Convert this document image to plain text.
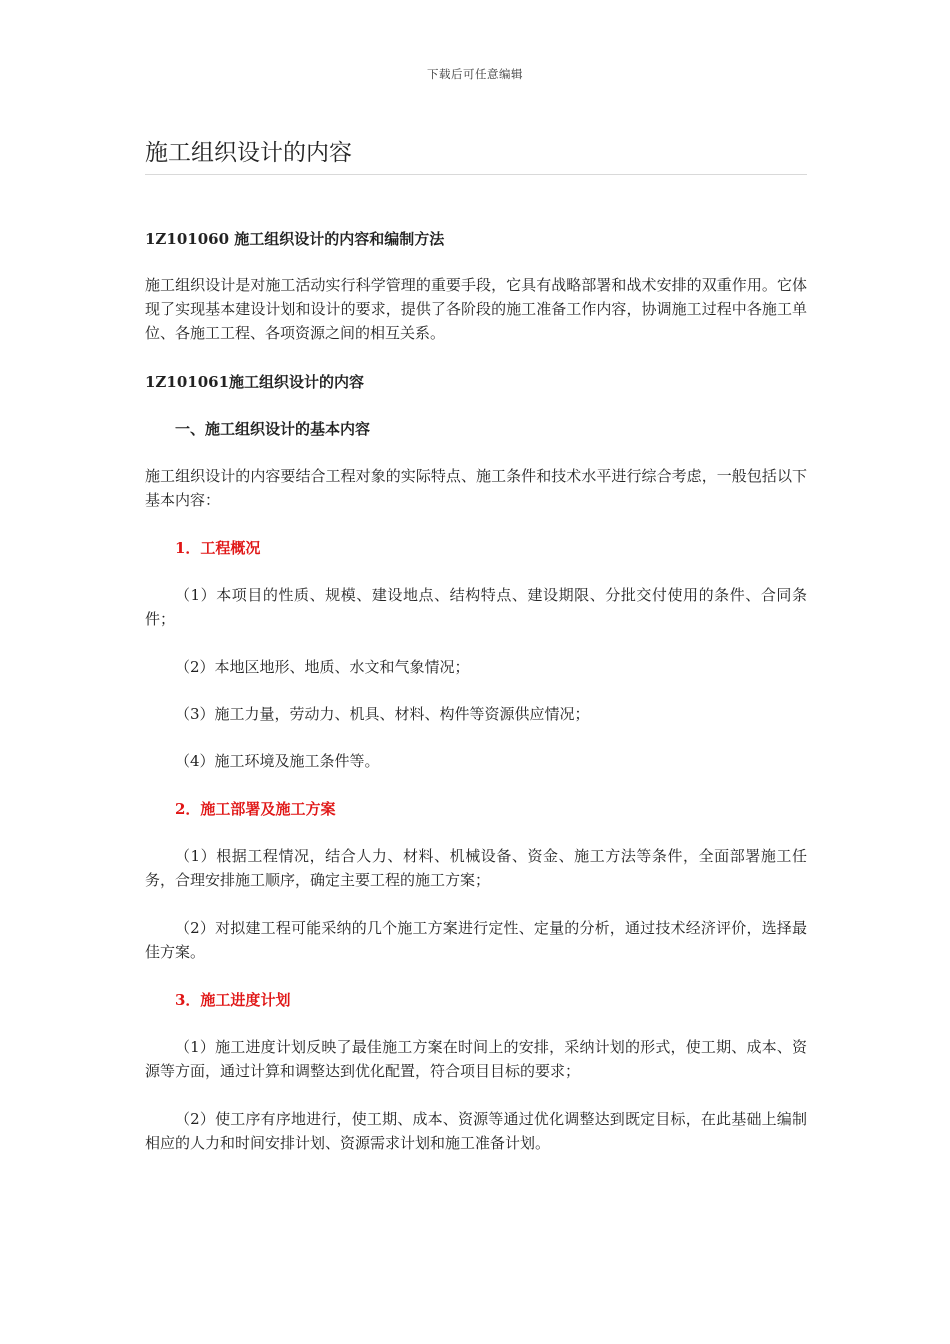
下载后可任意编辑
施工组织设计的内容

1Z101060 施工组织设计的内容和编制方法

施工组织设计是对施工活动实行科学管理的重要手段，它具有战略部署和战术安排的双重作用。它体现了实现基本建设计划和设计的要求，提供了各阶段的施工准备工作内容，协调施工过程中各施工单位、各施工工程、各项资源之间的相互关系。

1Z101061施工组织设计的内容

一、施工组织设计的基本内容

施工组织设计的内容要结合工程对象的实际特点、施工条件和技术水平进行综合考虑，一般包括以下基本内容：

1．工程概况

（1）本项目的性质、规模、建设地点、结构特点、建设期限、分批交付使用的条件、合同条件；

（2）本地区地形、地质、水文和气象情况；

（3）施工力量，劳动力、机具、材料、构件等资源供应情况；

（4）施工环境及施工条件等。

2．施工部署及施工方案

（1）根据工程情况，结合人力、材料、机械设备、资金、施工方法等条件，全面部署施工任务，合理安排施工顺序，确定主要工程的施工方案；

（2）对拟建工程可能采纳的几个施工方案进行定性、定量的分析，通过技术经济评价，选择最佳方案。

3．施工进度计划

（1）施工进度计划反映了最佳施工方案在时间上的安排，采纳计划的形式，使工期、成本、资源等方面，通过计算和调整达到优化配置，符合项目目标的要求；

（2）使工序有序地进行，使工期、成本、资源等通过优化调整达到既定目标，在此基础上编制相应的人力和时间安排计划、资源需求计划和施工准备计划。
